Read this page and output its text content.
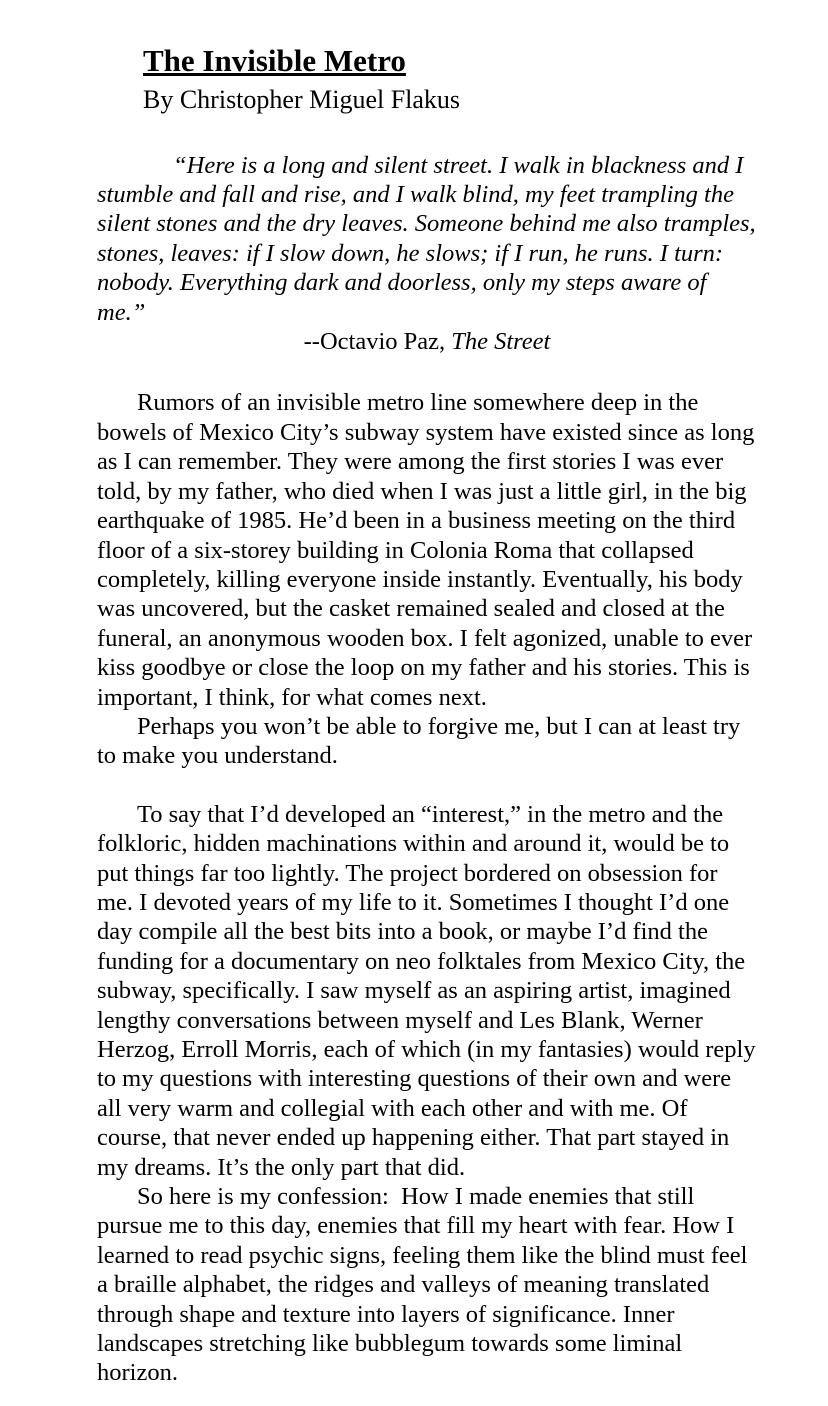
The Invisible Metro
By Christopher Miguel Flakus

“Here is a long and silent street. I walk in blackness and I stumble and fall and rise, and I walk blind, my feet trampling the silent stones and the dry leaves. Someone behind me also tramples, stones, leaves: if I slow down, he slows; if I run, he runs. I turn: nobody. Everything dark and doorless, only my steps aware of me.”

--Octavio Paz, The Street

Rumors of an invisible metro line somewhere deep in the bowels of Mexico City’s subway system have existed since as long as I can remember. They were among the first stories I was ever told, by my father, who died when I was just a little girl, in the big earthquake of 1985. He’d been in a business meeting on the third floor of a six-storey building in Colonia Roma that collapsed completely, killing everyone inside instantly. Eventually, his body was uncovered, but the casket remained sealed and closed at the funeral, an anonymous wooden box. I felt agonized, unable to ever kiss goodbye or close the loop on my father and his stories. This is important, I think, for what comes next.

Perhaps you won’t be able to forgive me, but I can at least try to make you understand.

To say that I’d developed an “interest,” in the metro and the folkloric, hidden machinations within and around it, would be to put things far too lightly. The project bordered on obsession for me. I devoted years of my life to it. Sometimes I thought I’d one day compile all the best bits into a book, or maybe I’d find the funding for a documentary on neo folktales from Mexico City, the subway, specifically. I saw myself as an aspiring artist, imagined lengthy conversations between myself and Les Blank, Werner Herzog, Erroll Morris, each of which (in my fantasies) would reply to my questions with interesting questions of their own and were all very warm and collegial with each other and with me. Of course, that never ended up happening either. That part stayed in my dreams. It’s the only part that did.

So here is my confession:  How I made enemies that still pursue me to this day, enemies that fill my heart with fear. How I learned to read psychic signs, feeling them like the blind must feel a braille alphabet, the ridges and valleys of meaning translated through shape and texture into layers of significance. Inner landscapes stretching like bubblegum towards some liminal horizon.
